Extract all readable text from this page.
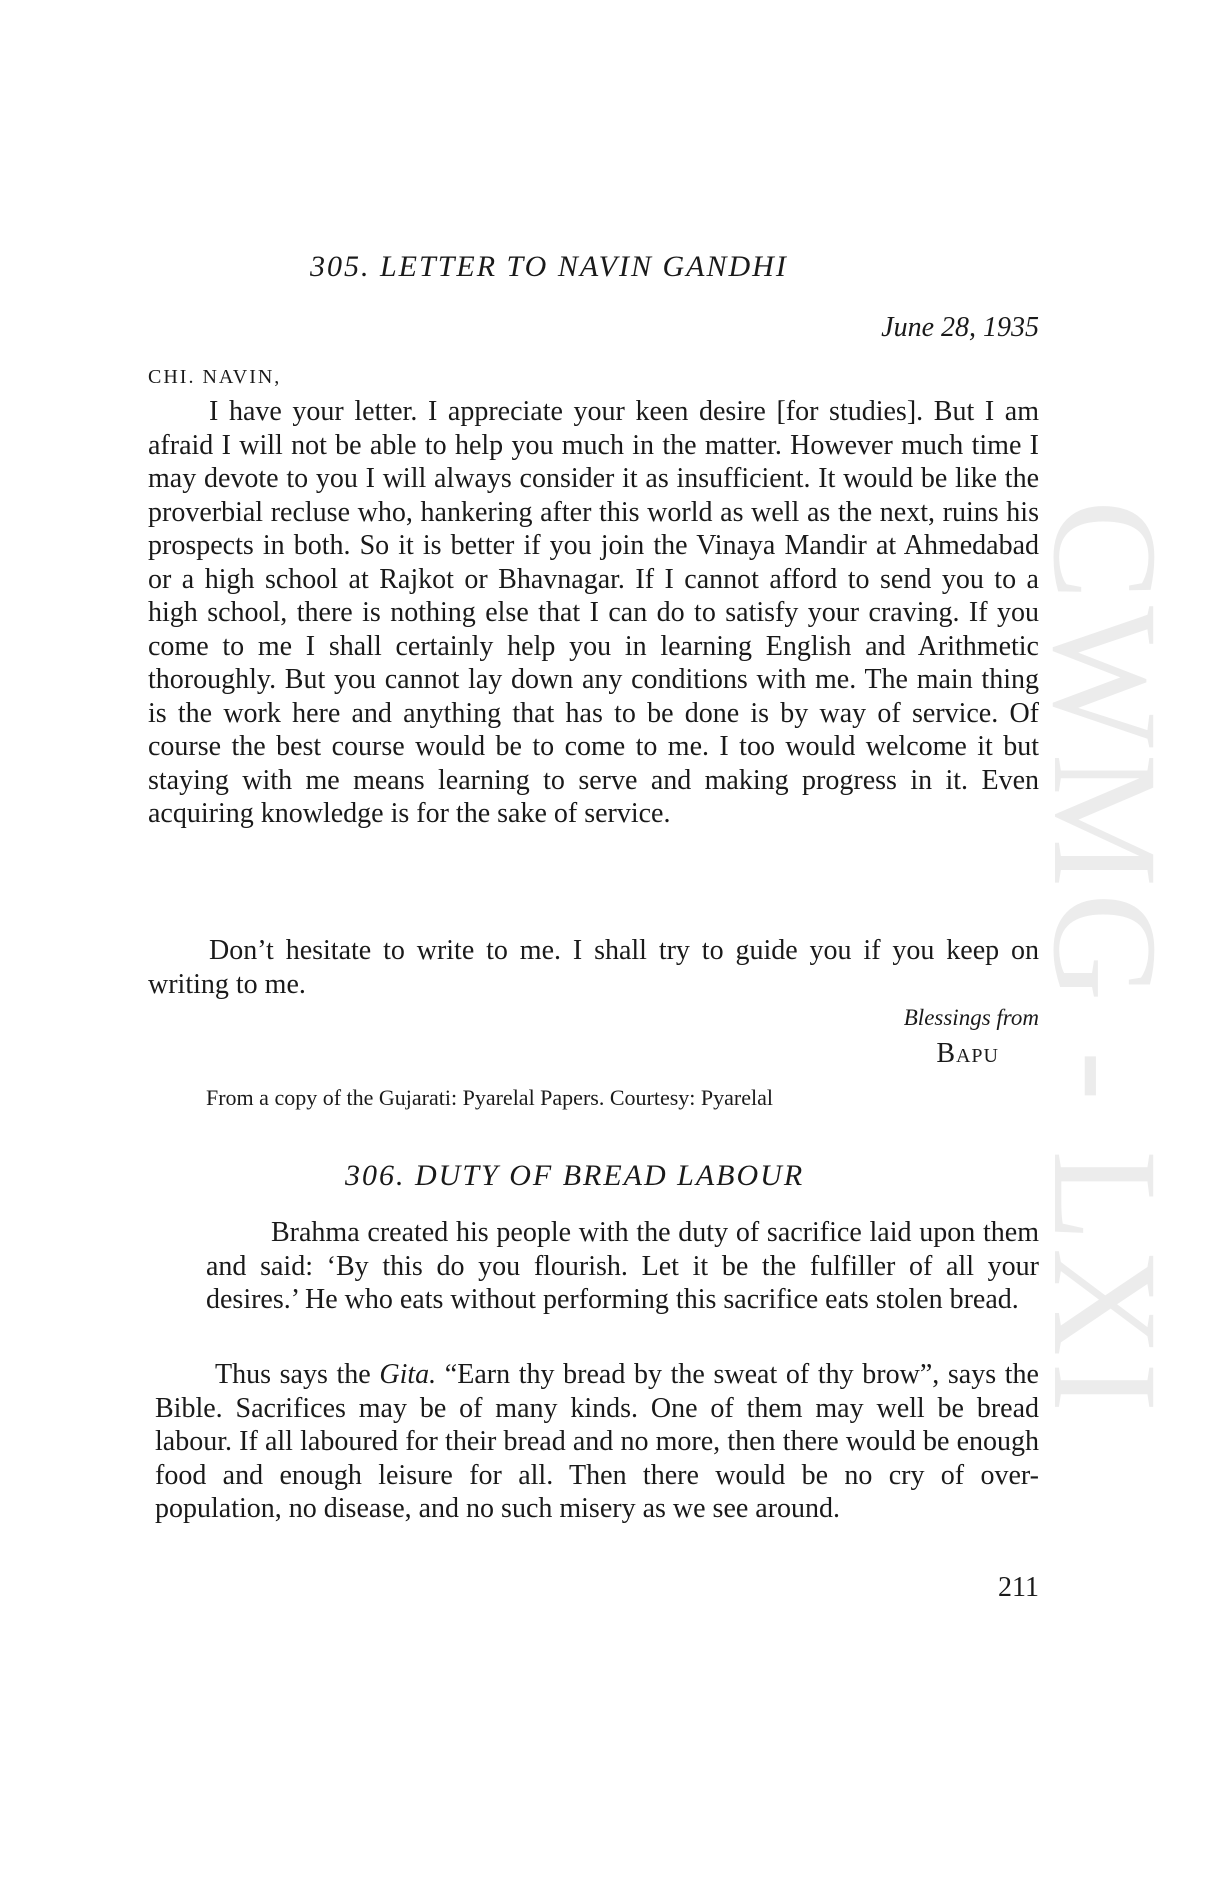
CWMG - LXI
305. LETTER TO NAVIN GANDHI
June 28, 1935
CHI. NAVIN,

I have your letter. I appreciate your keen desire [for studies]. But I am afraid I will not be able to help you much in the matter. However much time I may devote to you I will always consider it as insufficient. It would be like the proverbial recluse who, hankering after this world as well as the next, ruins his prospects in both. So it is better if you join the Vinaya Mandir at Ahmedabad or a high school at Rajkot or Bhavnagar. If I cannot afford to send you to a high school, there is nothing else that I can do to satisfy your craving. If you come to me I shall certainly help you in learning English and Arithmetic thoroughly. But you cannot lay down any conditions with me. The main thing is the work here and anything that has to be done is by way of service. Of course the best course would be to come to me. I too would welcome it but staying with me means learning to serve and making progress in it. Even acquiring knowledge is for the sake of service.

Don’t hesitate to write to me. I shall try to guide you if you keep on writing to me.

Blessings from
Bapu
From a copy of the Gujarati: Pyarelal Papers. Courtesy: Pyarelal
306. DUTY OF BREAD LABOUR

Brahma created his people with the duty of sacrifice laid upon them and said: ‘By this do you flourish. Let it be the fulfiller of all your desires.’ He who eats without performing this sacrifice eats stolen bread.

Thus says the Gita. “Earn thy bread by the sweat of thy brow”, says the Bible. Sacrifices may be of many kinds. One of them may well be bread labour. If all laboured for their bread and no more, then there would be enough food and enough leisure for all. Then there would be no cry of over-population, no disease, and no such misery as we see around.

211
